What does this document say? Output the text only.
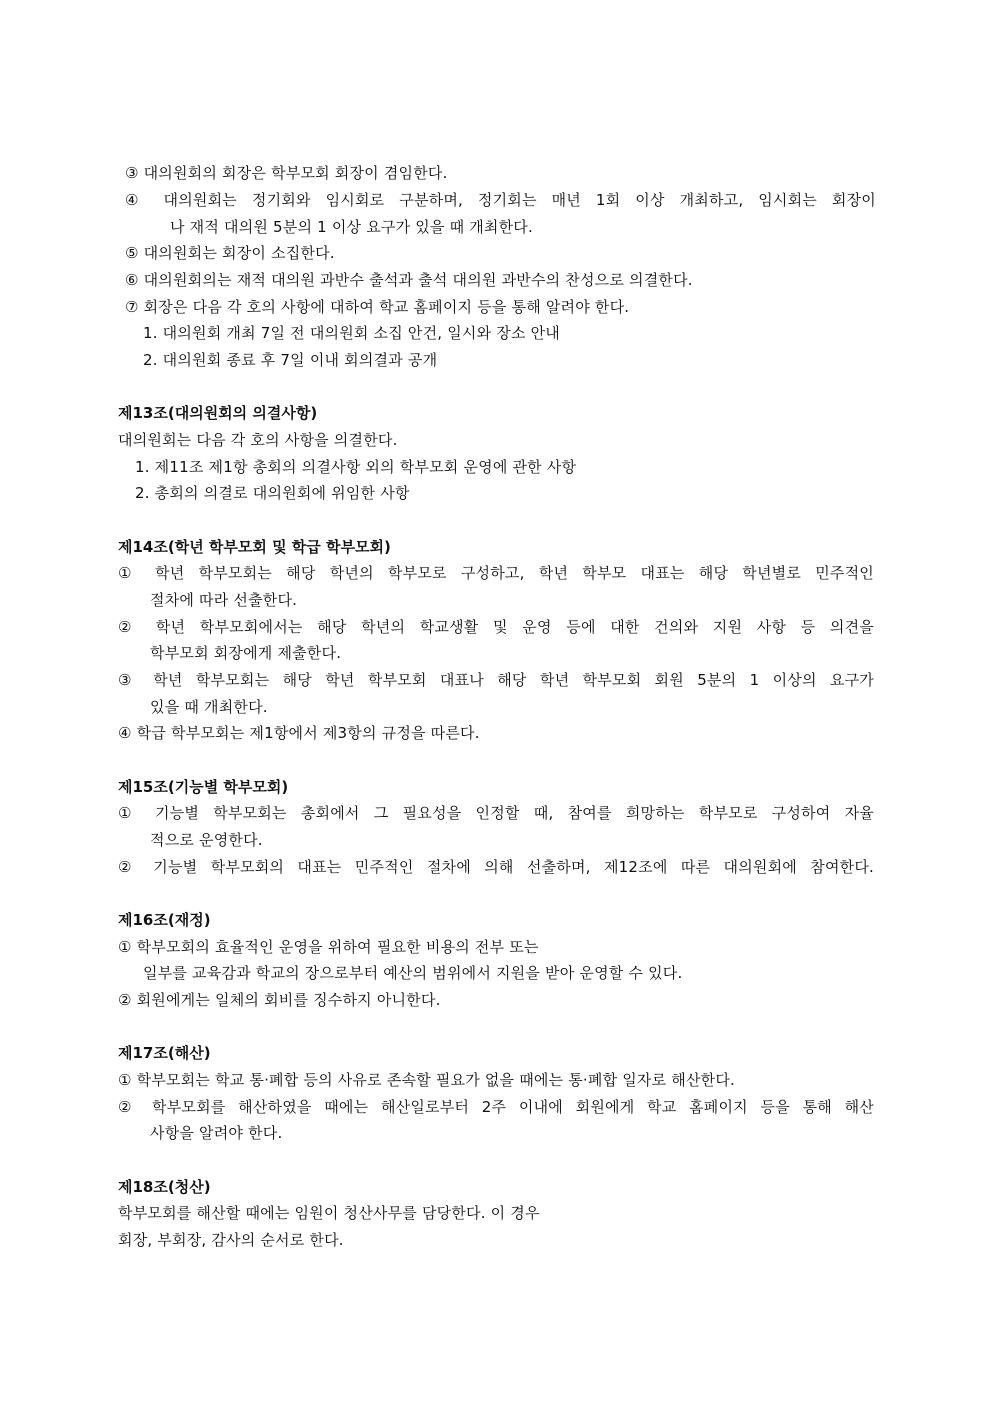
③ 대의원회의 회장은 학부모회 회장이 겸임한다.
④ 대의원회는 정기회와 임시회로 구분하며, 정기회는 매년 1회 이상 개최하고, 임시회는 회장이
나 재적 대의원 5분의 1 이상 요구가 있을 때 개최한다.
⑤ 대의원회는 회장이 소집한다.
⑥ 대의원회의는 재적 대의원 과반수 출석과 출석 대의원 과반수의 찬성으로 의결한다.
⑦ 회장은 다음 각 호의 사항에 대하여 학교 홈페이지 등을 통해 알려야 한다.
1. 대의원회 개최 7일 전 대의원회 소집 안건, 일시와 장소 안내
2. 대의원회 종료 후 7일 이내 회의결과 공개
제13조(대의원회의 의결사항)
대의원회는 다음 각 호의 사항을 의결한다.
1. 제11조 제1항 총회의 의결사항 외의 학부모회 운영에 관한 사항
2. 총회의 의결로 대의원회에 위임한 사항
제14조(학년 학부모회 및 학급 학부모회)
① 학년 학부모회는 해당 학년의 학부모로 구성하고, 학년 학부모 대표는 해당 학년별로 민주적인
절차에 따라 선출한다.
② 학년 학부모회에서는 해당 학년의 학교생활 및 운영 등에 대한 건의와 지원 사항 등 의견을
학부모회 회장에게 제출한다.
③ 학년 학부모회는 해당 학년 학부모회 대표나 해당 학년 학부모회 회원 5분의 1 이상의 요구가
있을 때 개최한다.
④ 학급 학부모회는 제1항에서 제3항의 규정을 따른다.
제15조(기능별 학부모회)
① 기능별 학부모회는 총회에서 그 필요성을 인정할 때, 참여를 희망하는 학부모로 구성하여 자율
적으로 운영한다.
② 기능별 학부모회의 대표는 민주적인 절차에 의해 선출하며, 제12조에 따른 대의원회에 참여한다.
제16조(재정)
① 학부모회의 효율적인 운영을 위하여 필요한 비용의 전부 또는
일부를 교육감과 학교의 장으로부터 예산의 범위에서 지원을 받아 운영할 수 있다.
② 회원에게는 일체의 회비를 징수하지 아니한다.
제17조(해산)
① 학부모회는 학교 통·폐합 등의 사유로 존속할 필요가 없을 때에는 통·폐합 일자로 해산한다.
② 학부모회를 해산하였을 때에는 해산일로부터 2주 이내에 회원에게 학교 홈페이지 등을 통해 해산
사항을 알려야 한다.
제18조(청산)
학부모회를 해산할 때에는 임원이 청산사무를 담당한다. 이 경우
회장, 부회장, 감사의 순서로 한다.
